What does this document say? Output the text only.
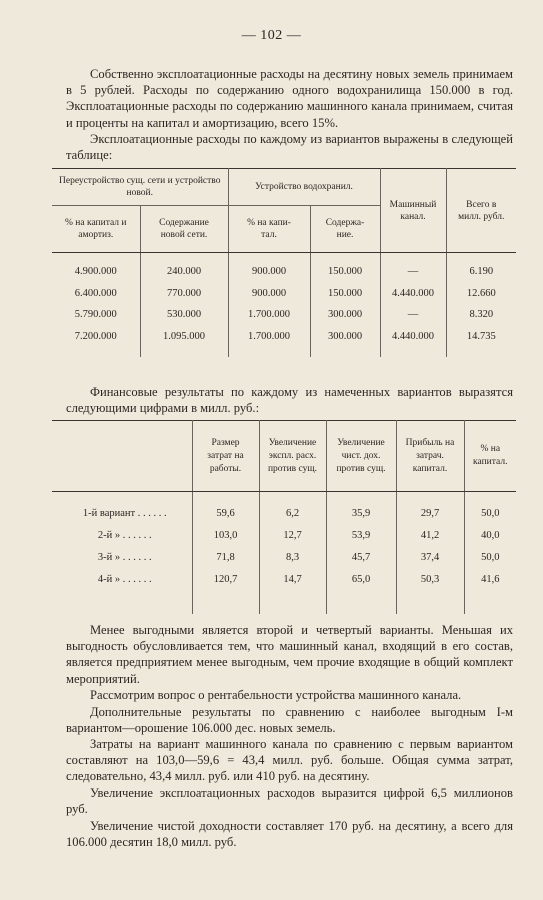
— 102 —
Собственно эксплоатационные расходы на десятину новых земель принимаем в 5 рублей. Расходы по содержанию одного водохранилища 150.000 в год. Эксплоатационные расходы по содержанию машинного канала принимаем, считая и проценты на капитал и амортизацию, всего 15%.
Эксплоатационные расходы по каждому из вариантов выражены в следующей таблице:
Переустройство сущ. сети и устройство новой.		Устройство водохранил.		Машинный канал.	Всего в милл. рубл.
% на капитал и амортиз.	Содержание новой сети.	% на капи-тал.	Содержа-ние.		
4.900.000	240.000	900.000	150.000	—	6.190
6.400.000	770.000	900.000	150.000	4.440.000	12.660
5.790.000	530.000	1.700.000	300.000	—	8.320
7.200.000	1.095.000	1.700.000	300.000	4.440.000	14.735
Финансовые результаты по каждому из намеченных вариантов выразятся следующими цифрами в милл. руб.:
	Размер затрат на работы.	Увеличение экспл. расх. против сущ.	Увеличение чист. дох. против сущ.	Прибыль на затрач. капитал.	% на капитал.
1-й вариант . . . . . .	59,6	6,2	35,9	29,7	50,0
2-й » . . . . . .	103,0	12,7	53,9	41,2	40,0
3-й » . . . . . .	71,8	8,3	45,7	37,4	50,0
4-й » . . . . . .	120,7	14,7	65,0	50,3	41,6
Менее выгодными является второй и четвертый варианты. Меньшая их выгодность обусловливается тем, что машинный канал, входящий в его состав, является предприятием менее выгодным, чем прочие входящие в общий комплект мероприятий.
Рассмотрим вопрос о рентабельности устройства машинного канала.
Дополнительные результаты по сравнению с наиболее выгодным I-м вариантом—орошение 106.000 дес. новых земель.
Затраты на вариант машинного канала по сравнению с первым вариантом составляют на 103,0—59,6 = 43,4 милл. руб. больше. Общая сумма затрат, следовательно, 43,4 милл. руб. или 410 руб. на десятину.
Увеличение эксплоатационных расходов выразится цифрой 6,5 миллионов руб.
Увеличение чистой доходности составляет 170 руб. на десятину, а всего для 106.000 десятин 18,0 милл. руб.
